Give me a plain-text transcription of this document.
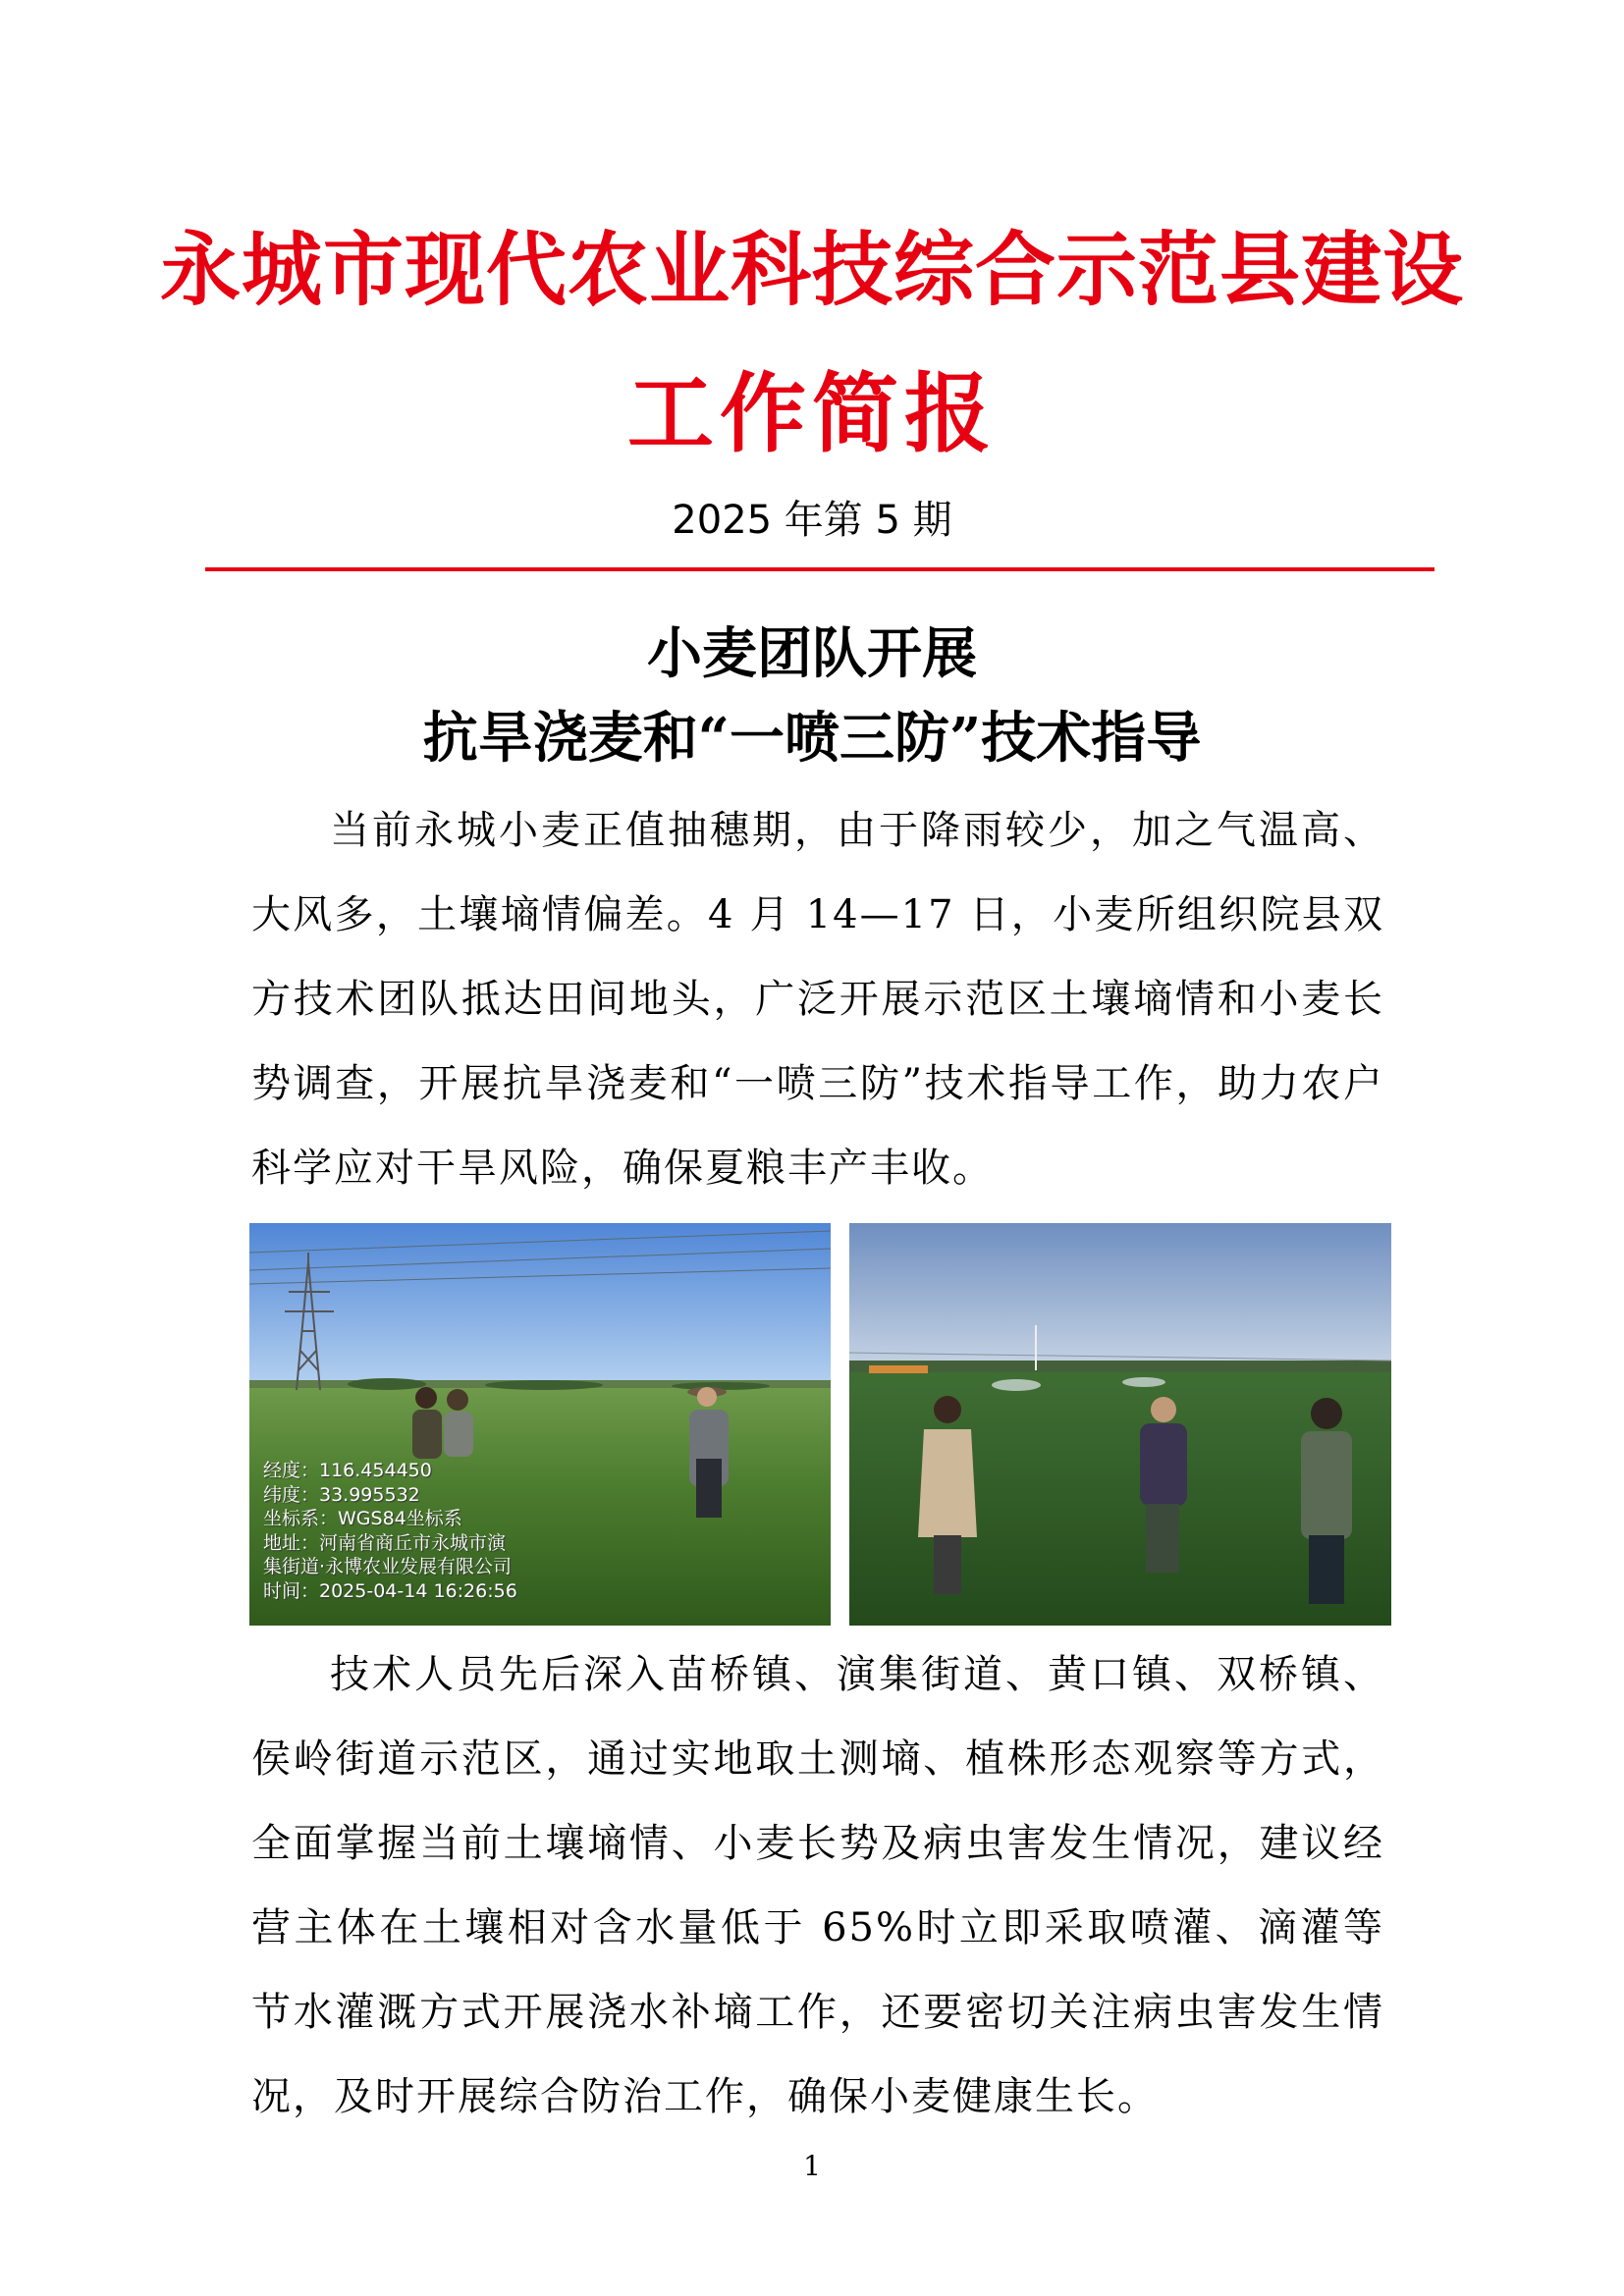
永城市现代农业科技综合示范县建设
工作简报
2025 年第 5 期
小麦团队开展
抗旱浇麦和“一喷三防”技术指导
当前永城小麦正值抽穗期，由于降雨较少，加之气温高、大风多，土壤墒情偏差。4 月 14—17 日，小麦所组织院县双方技术团队抵达田间地头，广泛开展示范区土壤墒情和小麦长势调查，开展抗旱浇麦和“一喷三防”技术指导工作，助力农户科学应对干旱风险，确保夏粮丰产丰收。
经度：116.454450
纬度：33.995532
坐标系：WGS84坐标系
地址：河南省商丘市永城市演
集街道·永博农业发展有限公司
时间：2025-04-14 16:26:56
技术人员先后深入苗桥镇、演集街道、黄口镇、双桥镇、侯岭街道示范区，通过实地取土测墒、植株形态观察等方式，全面掌握当前土壤墒情、小麦长势及病虫害发生情况，建议经营主体在土壤相对含水量低于 65%时立即采取喷灌、滴灌等节水灌溉方式开展浇水补墒工作，还要密切关注病虫害发生情况，及时开展综合防治工作，确保小麦健康生长。
1
